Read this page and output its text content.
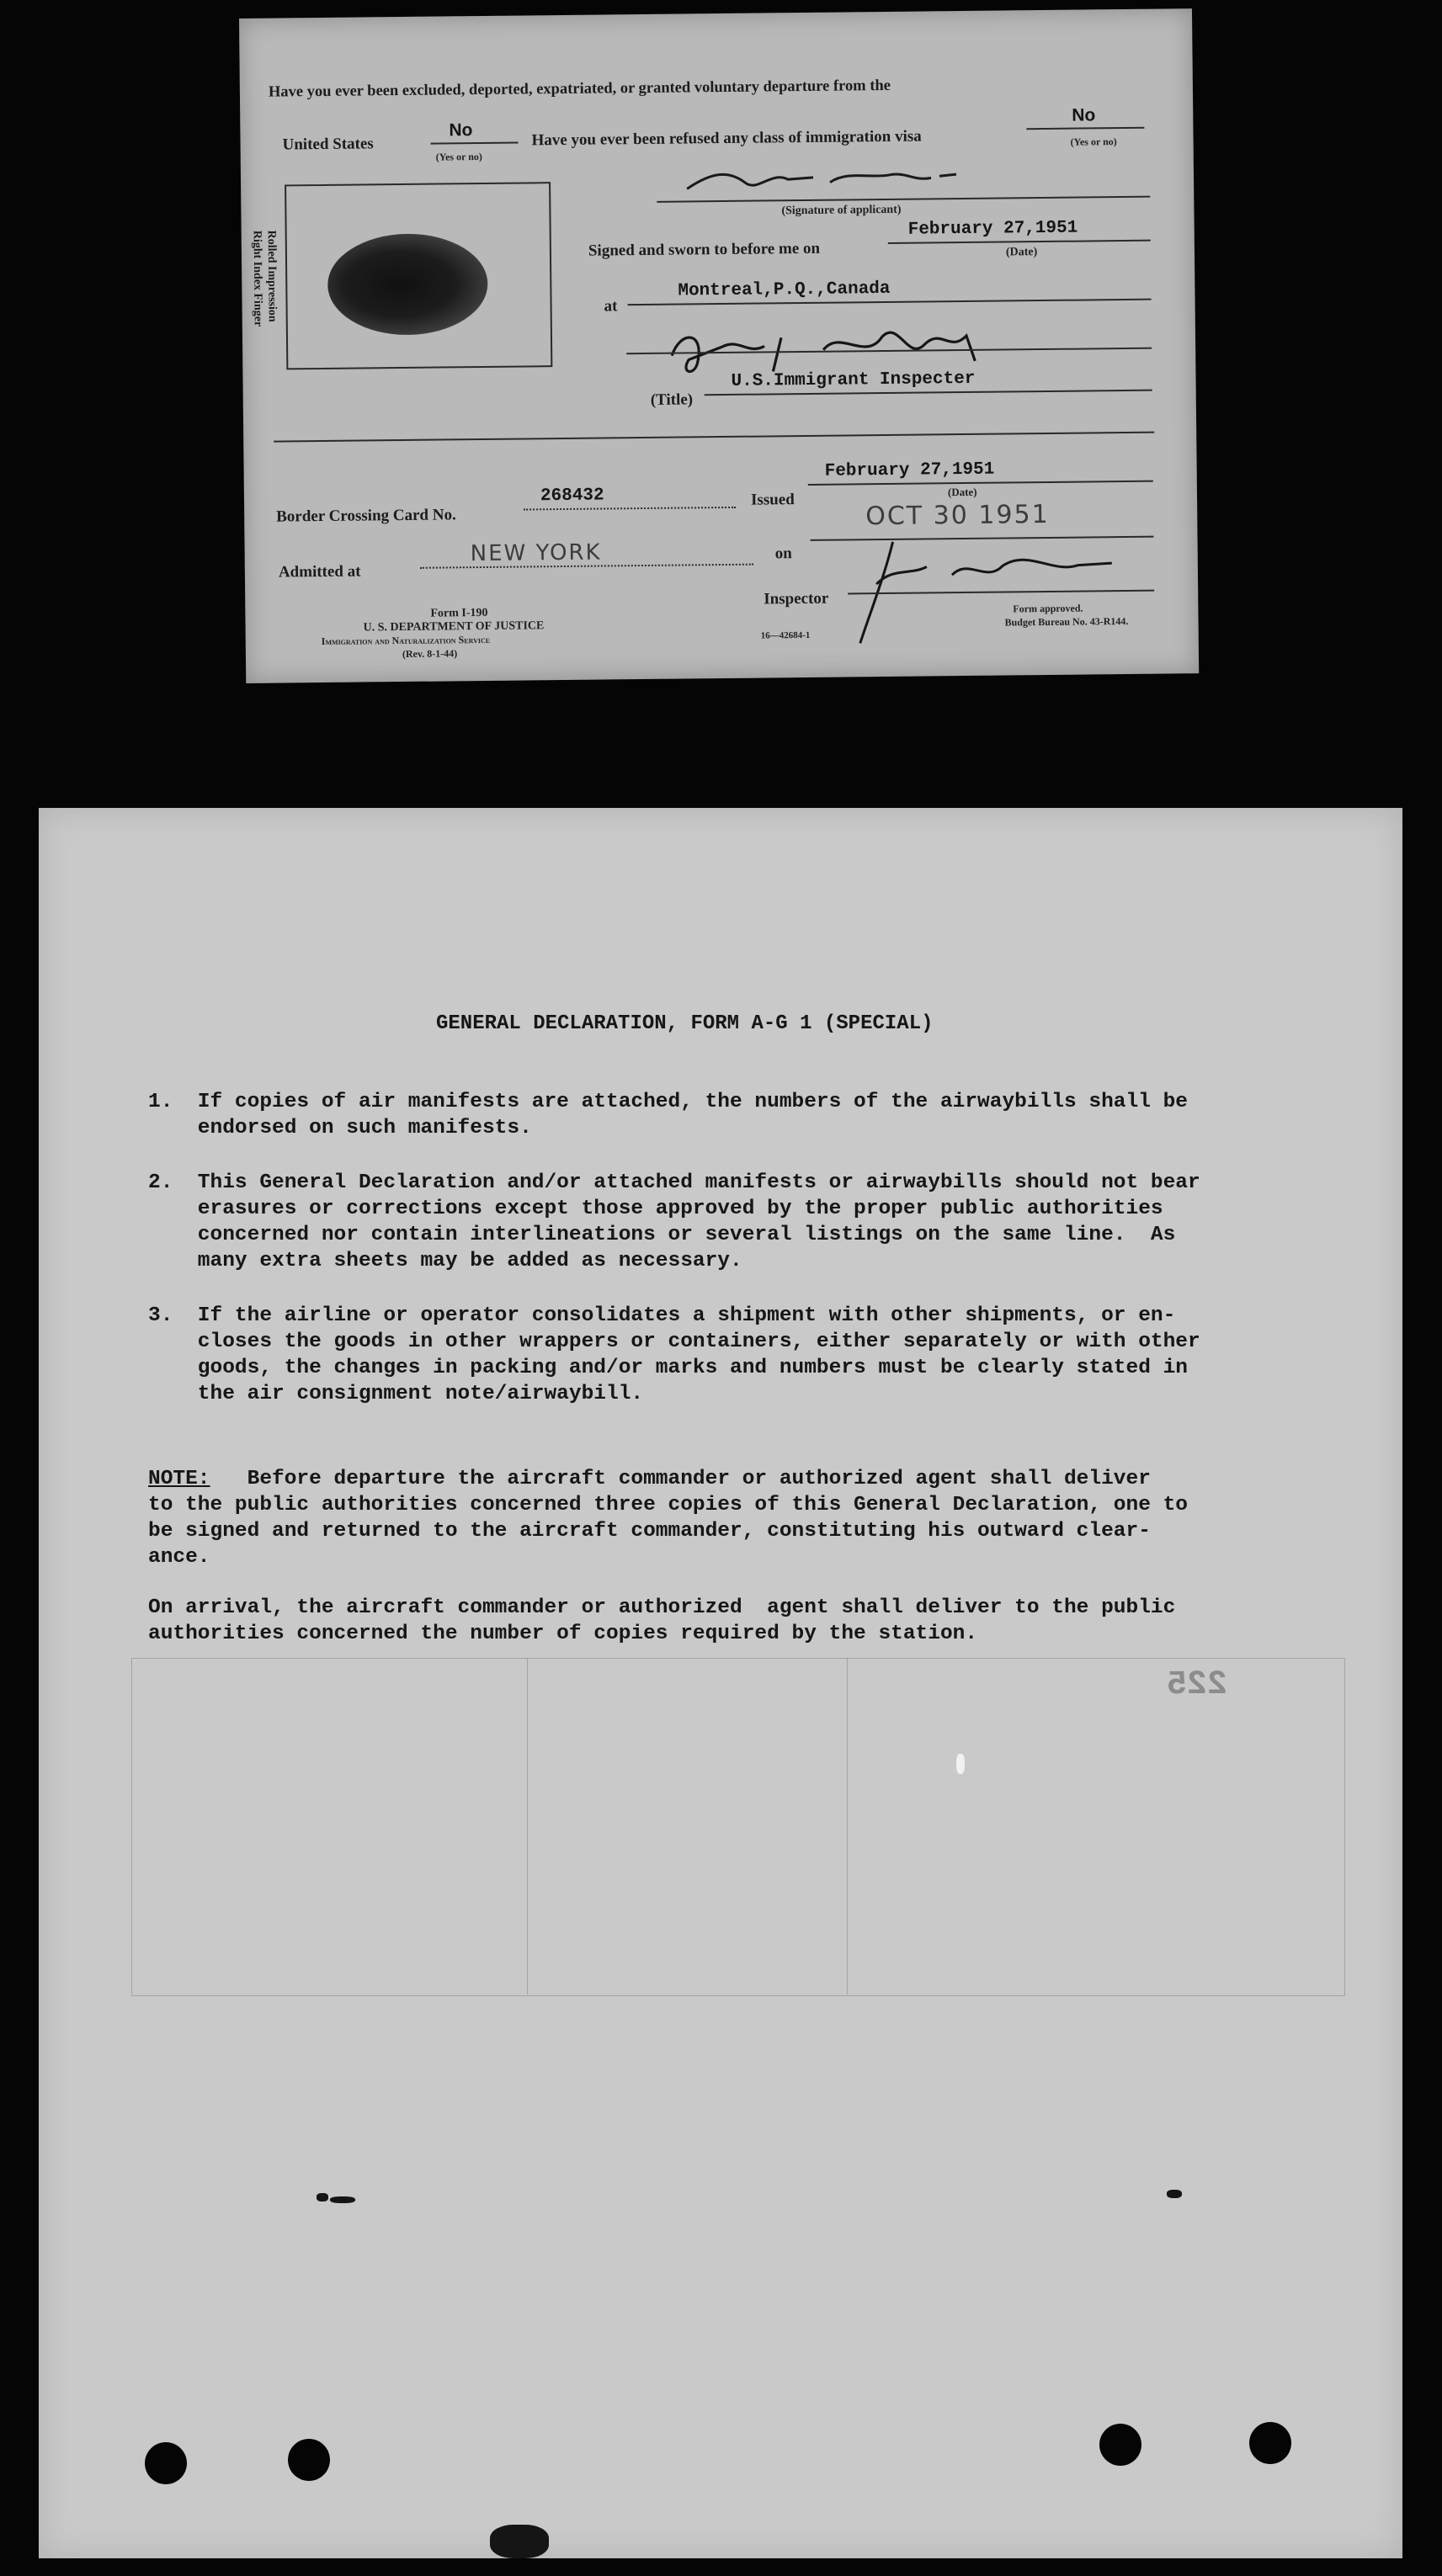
Have you ever been excluded, deported, expatriated, or granted voluntary departure from the
United States
No
(Yes or no)
Have you ever been refused any class of immigration visa
No
(Yes or no)
(Signature of applicant)
Rolled Impression
Right Index Finger	Signed and sworn to before me on
February 27,1951
(Date)
at
Montreal,P.Q.,Canada
(Title)
U.S.Immigrant Inspecter
Border Crossing Card No.
268432	Issued
February 27,1951
(Date)
Admitted at
NEW YORK	on
OCT 30 1951
Inspector
Form I-190
U. S. DEPARTMENT OF JUSTICE
Immigration and Naturalization Service
(Rev. 8-1-44)
16—42684-1
Form approved.
Budget Bureau No. 43-R144.
225
GENERAL DECLARATION, FORM A-G 1 (SPECIAL)
1.  If copies of air manifests are attached, the numbers of the airwaybills shall be
endorsed on such manifests.
2.  This General Declaration and/or attached manifests or airwaybills should not bear
erasures or corrections except those approved by the proper public authorities
concerned nor contain interlineations or several listings on the same line.  As
many extra sheets may be added as necessary.
3.  If the airline or operator consolidates a shipment with other shipments, or en-
closes the goods in other wrappers or containers, either separately or with other
goods, the changes in packing and/or marks and numbers must be clearly stated in
the air consignment note/airwaybill.
NOTE:   Before departure the aircraft commander or authorized agent shall deliver
to the public authorities concerned three copies of this General Declaration, one to
be signed and returned to the aircraft commander, constituting his outward clear-
ance.
On arrival, the aircraft commander or authorized  agent shall deliver to the public
authorities concerned the number of copies required by the station.
